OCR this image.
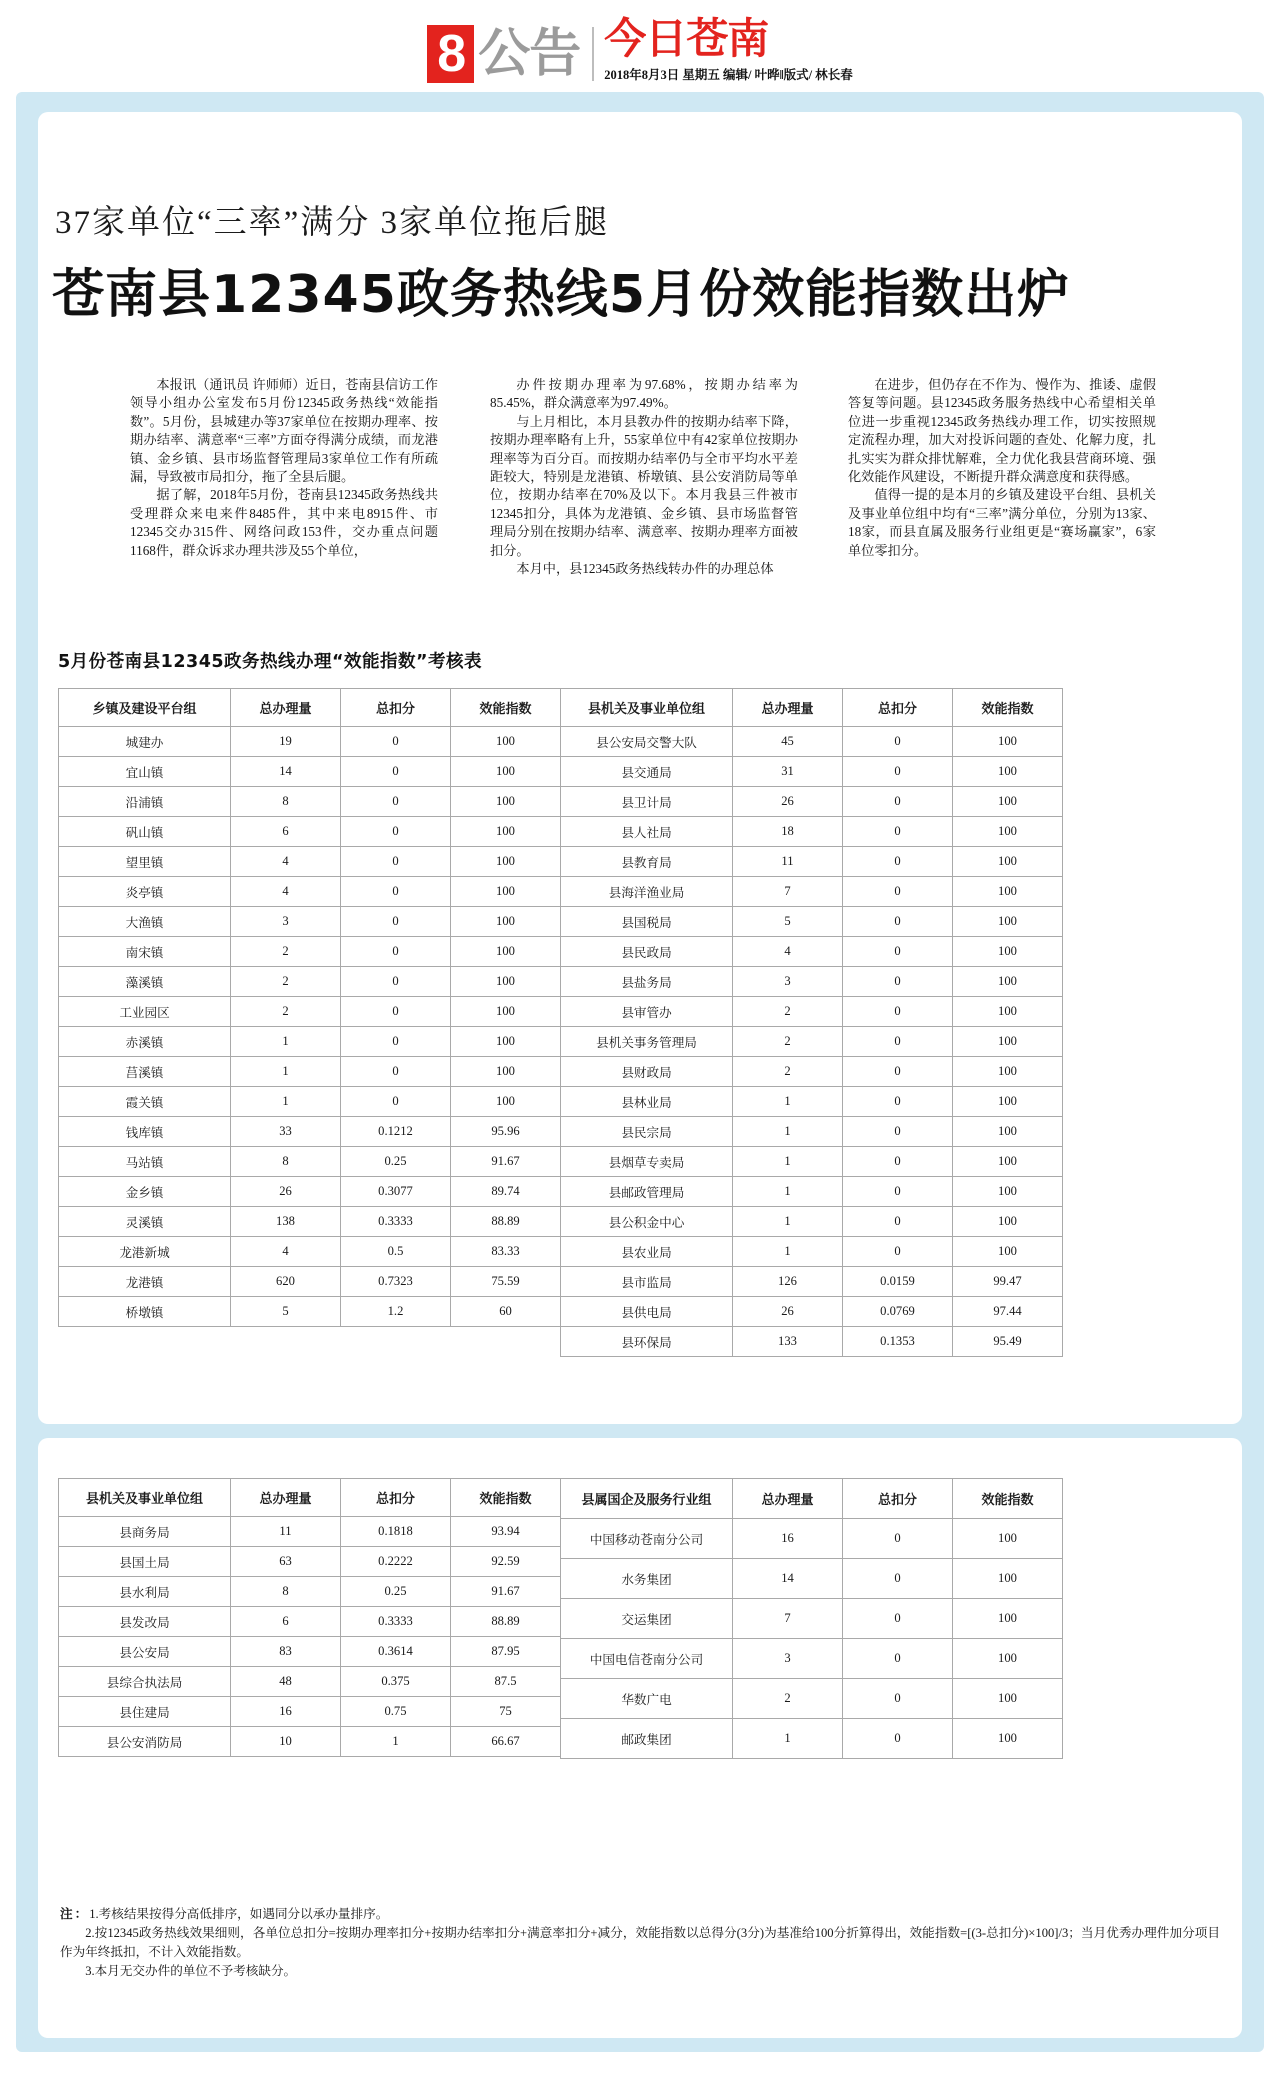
8 公告 今日苍南
2018年8月3日 星期五 编辑/ 叶晔‖版式/ 林长春
37家单位“三率”满分 3家单位拖后腿
苍南县12345政务热线5月份效能指数出炉

本报讯（通讯员 许师师）近日，苍南县信访工作领导小组办公室发布5月份12345政务热线“效能指数”。5月份，县城建办等37家单位在按期办理率、按期办结率、满意率“三率”方面夺得满分成绩，而龙港镇、金乡镇、县市场监督管理局3家单位工作有所疏漏，导致被市局扣分，拖了全县后腿。

据了解，2018年5月份，苍南县12345政务热线共受理群众来电来件8485件，其中来电8915件、市12345交办315件、网络问政153件，交办重点问题1168件，群众诉求办理共涉及55个单位，

办件按期办理率为97.68%，按期办结率为85.45%，群众满意率为97.49%。

与上月相比，本月县教办件的按期办结率下降，按期办理率略有上升，55家单位中有42家单位按期办理率等为百分百。而按期办结率仍与全市平均水平差距较大，特别是龙港镇、桥墩镇、县公安消防局等单位，按期办结率在70%及以下。本月我县三件被市12345扣分，具体为龙港镇、金乡镇、县市场监督管理局分别在按期办结率、满意率、按期办理率方面被扣分。

本月中，县12345政务热线转办件的办理总体

在进步，但仍存在不作为、慢作为、推诿、虚假答复等问题。县12345政务服务热线中心希望相关单位进一步重视12345政务热线办理工作，切实按照规定流程办理，加大对投诉问题的查处、化解力度，扎扎实实为群众排忧解难，全力优化我县营商环境、强化效能作风建设，不断提升群众满意度和获得感。

值得一提的是本月的乡镇及建设平台组、县机关及事业单位组中均有“三率”满分单位，分别为13家、18家，而县直属及服务行业组更是“赛场赢家”，6家单位零扣分。

5月份苍南县12345政务热线办理“效能指数”考核表
乡镇及建设平台组	总办理量	总扣分	效能指数
城建办	19	0	100
宜山镇	14	0	100
沿浦镇	8	0	100
矾山镇	6	0	100
望里镇	4	0	100
炎亭镇	4	0	100
大渔镇	3	0	100
南宋镇	2	0	100
藻溪镇	2	0	100
工业园区	2	0	100
赤溪镇	1	0	100
莒溪镇	1	0	100
霞关镇	1	0	100
钱库镇	33	0.1212	95.96
马站镇	8	0.25	91.67
金乡镇	26	0.3077	89.74
灵溪镇	138	0.3333	88.89
龙港新城	4	0.5	83.33
龙港镇	620	0.7323	75.59
桥墩镇	5	1.2	60
县机关及事业单位组	总办理量	总扣分	效能指数
县公安局交警大队	45	0	100
县交通局	31	0	100
县卫计局	26	0	100
县人社局	18	0	100
县教育局	11	0	100
县海洋渔业局	7	0	100
县国税局	5	0	100
县民政局	4	0	100
县盐务局	3	0	100
县审管办	2	0	100
县机关事务管理局	2	0	100
县财政局	2	0	100
县林业局	1	0	100
县民宗局	1	0	100
县烟草专卖局	1	0	100
县邮政管理局	1	0	100
县公积金中心	1	0	100
县农业局	1	0	100
县市监局	126	0.0159	99.47
县供电局	26	0.0769	97.44
县环保局	133	0.1353	95.49
县机关及事业单位组	总办理量	总扣分	效能指数
县商务局	11	0.1818	93.94
县国土局	63	0.2222	92.59
县水利局	8	0.25	91.67
县发改局	6	0.3333	88.89
县公安局	83	0.3614	87.95
县综合执法局	48	0.375	87.5
县住建局	16	0.75	75
县公安消防局	10	1	66.67
县属国企及服务行业组	总办理量	总扣分	效能指数
中国移动苍南分公司	16	0	100
水务集团	14	0	100
交运集团	7	0	100
中国电信苍南分公司	3	0	100
华数广电	2	0	100
邮政集团	1	0	100

注：1.考核结果按得分高低排序，如遇同分以承办量排序。

2.按12345政务热线效果细则，各单位总扣分=按期办理率扣分+按期办结率扣分+满意率扣分+减分，效能指数以总得分(3分)为基准给100分折算得出，效能指数=[(3-总扣分)×100]/3；当月优秀办理件加分项目作为年终抵扣，不计入效能指数。

3.本月无交办件的单位不予考核缺分。
